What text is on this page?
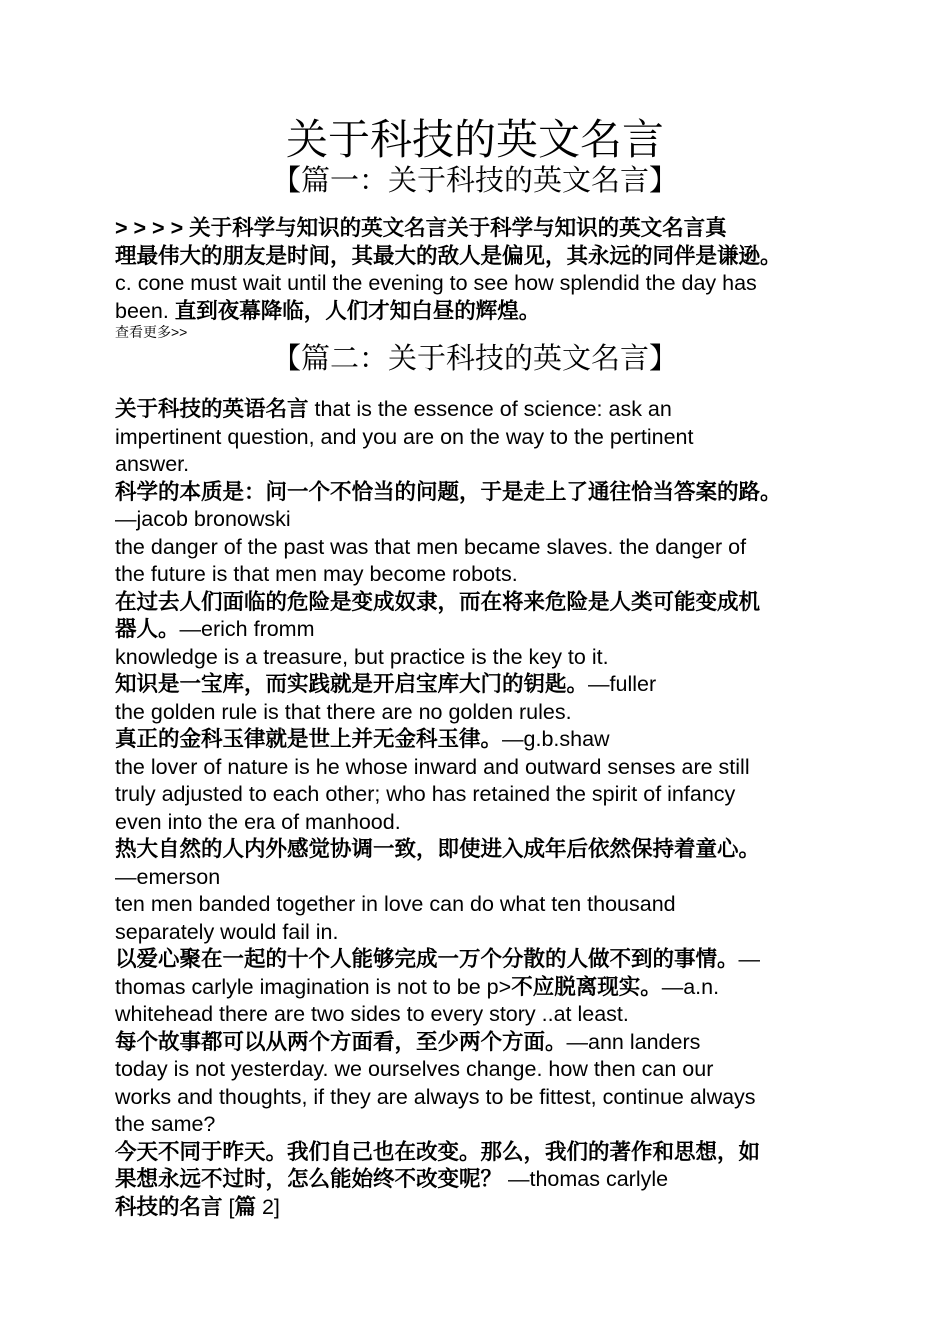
关于科技的英文名言
【篇一：关于科技的英文名言】
> > > > 关于科学与知识的英文名言关于科学与知识的英文名言真
理最伟大的朋友是时间，其最大的敌人是偏见，其永远的同伴是谦逊。
c. cone must wait until the evening to see how splendid the day has
been. 直到夜幕降临，人们才知白昼的辉煌。
查看更多>>
【篇二：关于科技的英文名言】
关于科技的英语名言 that is the essence of science: ask an
impertinent question, and you are on the way to the pertinent
answer.
科学的本质是：问一个不恰当的问题，于是走上了通往恰当答案的路。
—jacob bronowski
the danger of the past was that men became slaves. the danger of
the future is that men may become robots.
在过去人们面临的危险是变成奴隶，而在将来危险是人类可能变成机
器人。—erich fromm
knowledge is a treasure, but practice is the key to it.
知识是一宝库，而实践就是开启宝库大门的钥匙。—fuller
the golden rule is that there are no golden rules.
真正的金科玉律就是世上并无金科玉律。—g.b.shaw
the lover of nature is he whose inward and outward senses are still
truly adjusted to each other; who has retained the spirit of infancy
even into the era of manhood.
热大自然的人内外感觉协调一致，即使进入成年后依然保持着童心。
—emerson
ten men banded together in love can do what ten thousand
separately would fail in.
以爱心聚在一起的十个人能够完成一万个分散的人做不到的事情。—
thomas carlyle imagination is not to be p>不应脱离现实。—a.n.
whitehead there are two sides to every story ..at least.
每个故事都可以从两个方面看，至少两个方面。—ann landers
today is not yesterday. we ourselves change. how then can our
works and thoughts, if they are always to be fittest, continue always
the same?
今天不同于昨天。我们自己也在改变。那么，我们的著作和思想，如
果想永远不过时，怎么能始终不改变呢？ —thomas carlyle
科技的名言 [篇 2]
